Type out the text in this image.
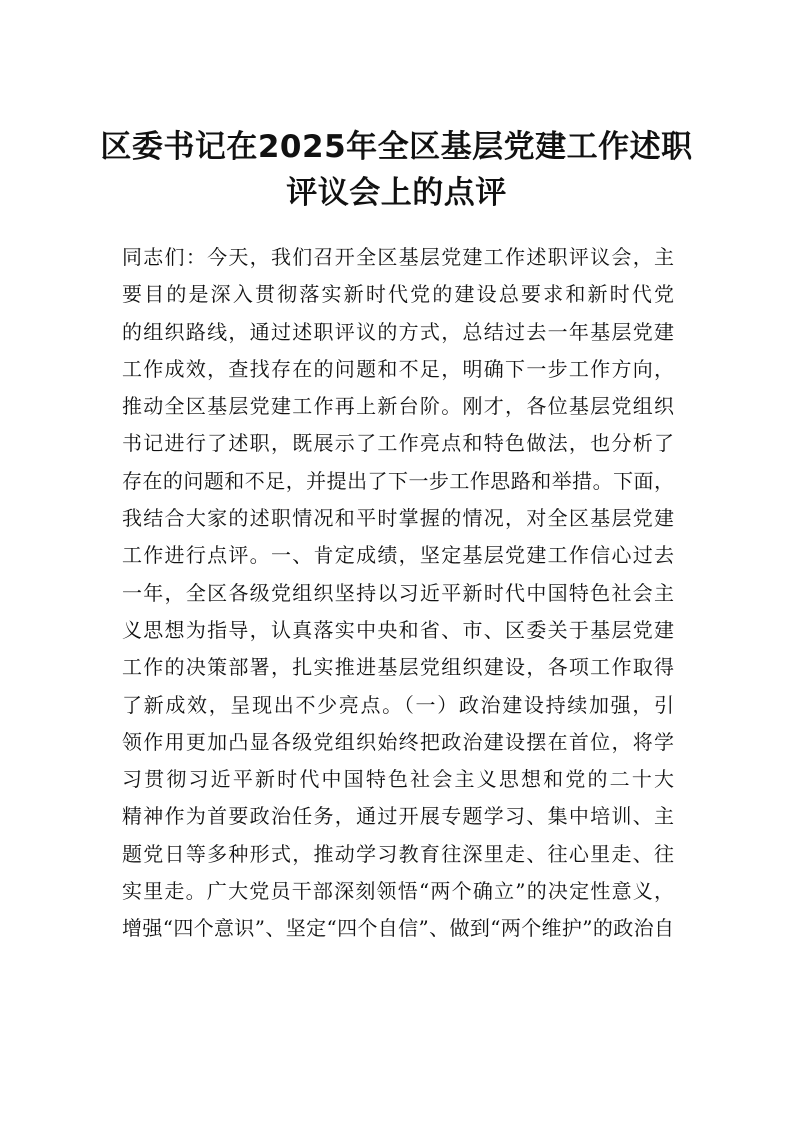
区委书记在2025年全区基层党建工作述职
评议会上的点评
同志们：今天，我们召开全区基层党建工作述职评议会，主
要目的是深入贯彻落实新时代党的建设总要求和新时代党
的组织路线，通过述职评议的方式，总结过去一年基层党建
工作成效，查找存在的问题和不足，明确下一步工作方向，
推动全区基层党建工作再上新台阶。刚才，各位基层党组织
书记进行了述职，既展示了工作亮点和特色做法，也分析了
存在的问题和不足，并提出了下一步工作思路和举措。下面，
我结合大家的述职情况和平时掌握的情况，对全区基层党建
工作进行点评。一、肯定成绩，坚定基层党建工作信心过去
一年，全区各级党组织坚持以习近平新时代中国特色社会主
义思想为指导，认真落实中央和省、市、区委关于基层党建
工作的决策部署，扎实推进基层党组织建设，各项工作取得
了新成效，呈现出不少亮点。（一）政治建设持续加强，引
领作用更加凸显各级党组织始终把政治建设摆在首位，将学
习贯彻习近平新时代中国特色社会主义思想和党的二十大
精神作为首要政治任务，通过开展专题学习、集中培训、主
题党日等多种形式，推动学习教育往深里走、往心里走、往
实里走。广大党员干部深刻领悟“两个确立”的决定性意义，
增强“四个意识”、坚定“四个自信”、做到“两个维护”的政治自
